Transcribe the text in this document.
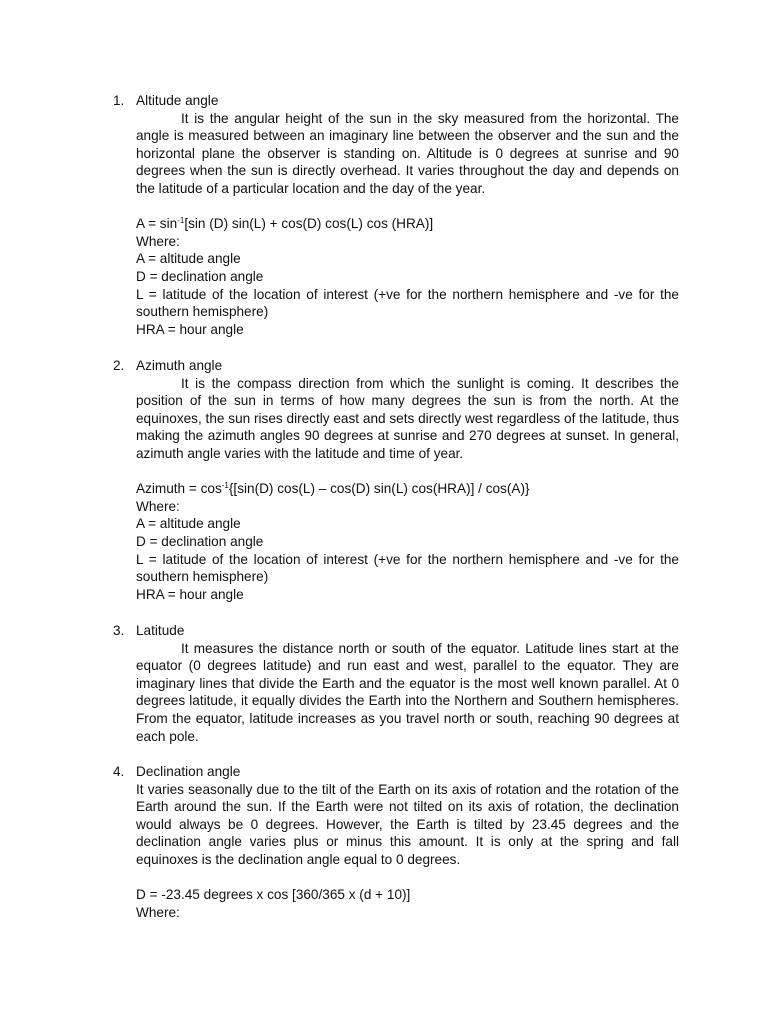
1. Altitude angle

It is the angular height of the sun in the sky measured from the horizontal. The angle is measured between an imaginary line between the observer and the sun and the horizontal plane the observer is standing on. Altitude is 0 degrees at sunrise and 90 degrees when the sun is directly overhead. It varies throughout the day and depends on the latitude of a particular location and the day of the year.

$A = \sin^{-1}[\sin$ (D) sin(L) + cos(D) cos(L) cos (HRA)]
Where:
A = altitude angle
D = declination angle
L = latitude of the location of interest (+ve for the northern hemisphere and -ve for the southern hemisphere)
HRA = hour angle
2. Azimuth angle

It is the compass direction from which the sunlight is coming. It describes the position of the sun in terms of how many degrees the sun is from the north. At the equinoxes, the sun rises directly east and sets directly west regardless of the latitude, thus making the azimuth angles 90 degrees at sunrise and 270 degrees at sunset. In general, azimuth angle varies with the latitude and time of year.

Azimuth = $\cos^{-1}\{[\sin(D)$ cos(L) – cos(D) sin(L) cos(HRA)] / cos(A)}
Where:
A = altitude angle
D = declination angle
L = latitude of the location of interest (+ve for the northern hemisphere and -ve for the southern hemisphere)
HRA = hour angle
3. Latitude

It measures the distance north or south of the equator. Latitude lines start at the equator (0 degrees latitude) and run east and west, parallel to the equator. They are imaginary lines that divide the Earth and the equator is the most well known parallel. At 0 degrees latitude, it equally divides the Earth into the Northern and Southern hemispheres. From the equator, latitude increases as you travel north or south, reaching 90 degrees at each pole.

4. Declination angle

It varies seasonally due to the tilt of the Earth on its axis of rotation and the rotation of the Earth around the sun. If the Earth were not tilted on its axis of rotation, the declination would always be 0 degrees. However, the Earth is tilted by 23.45 degrees and the declination angle varies plus or minus this amount. It is only at the spring and fall equinoxes is the declination angle equal to 0 degrees.

D = -23.45 degrees x cos [360/365 x (d + 10)]
Where:
